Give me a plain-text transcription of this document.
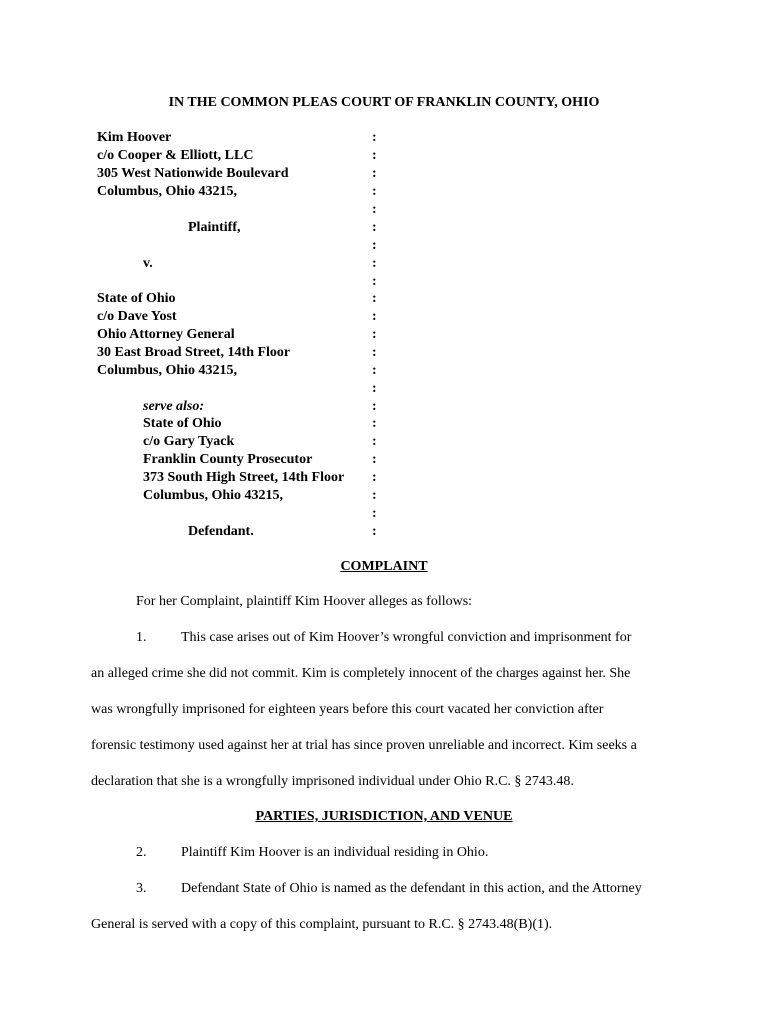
IN THE COMMON PLEAS COURT OF FRANKLIN COUNTY, OHIO
Kim Hoover
c/o Cooper & Elliott, LLC
305 West Nationwide Boulevard
Columbus, Ohio 43215,
Plaintiff,
v.
State of Ohio
c/o Dave Yost
Ohio Attorney General
30 East Broad Street, 14th Floor
Columbus, Ohio 43215,
serve also:
State of Ohio
c/o Gary Tyack
Franklin County Prosecutor
373 South High Street, 14th Floor
Columbus, Ohio 43215,
Defendant.
:
:
:
:
:
:
:
:
:
:
:
:
:
:
:
:
:
:
:
:
:
:
:
COMPLAINT
For her Complaint, plaintiff Kim Hoover alleges as follows:
1. This case arises out of Kim Hoover’s wrongful conviction and imprisonment for
an alleged crime she did not commit. Kim is completely innocent of the charges against her. She
was wrongfully imprisoned for eighteen years before this court vacated her conviction after
forensic testimony used against her at trial has since proven unreliable and incorrect. Kim seeks a
declaration that she is a wrongfully imprisoned individual under Ohio R.C. § 2743.48.
PARTIES, JURISDICTION, AND VENUE
2. Plaintiff Kim Hoover is an individual residing in Ohio.
3. Defendant State of Ohio is named as the defendant in this action, and the Attorney
General is served with a copy of this complaint, pursuant to R.C. § 2743.48(B)(1).
